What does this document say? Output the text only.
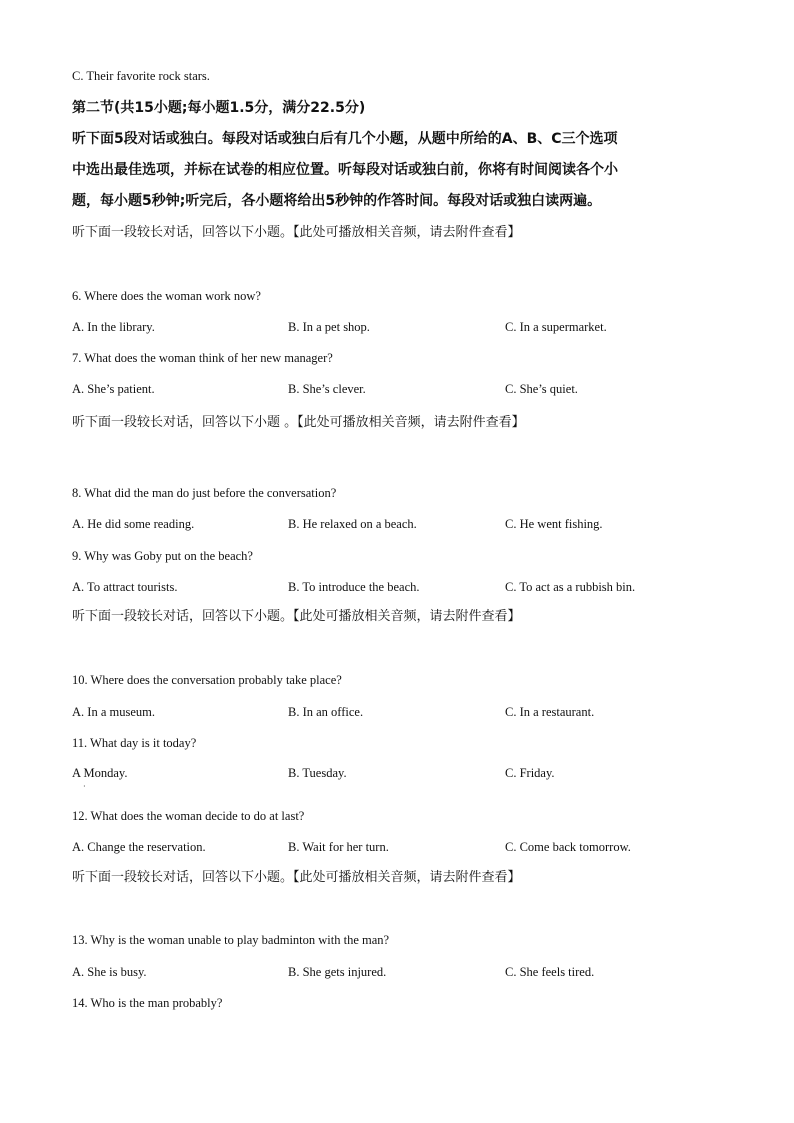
C. Their favorite rock stars.
第二节(共15小题;每小题1.5分，满分22.5分)
听下面5段对话或独白。每段对话或独白后有几个小题，从题中所给的A、B、C三个选项
中选出最佳选项，并标在试卷的相应位置。听每段对话或独白前，你将有时间阅读各个小
题，每小题5秒钟;听完后，各小题将给出5秒钟的作答时间。每段对话或独白读两遍。
听下面一段较长对话，回答以下小题。【此处可播放相关音频，请去附件查看】
6. Where does the woman work now?
A. In the library.	B. In a pet shop.	C. In a supermarket.
7. What does the woman think of her new manager?
A. She’s patient.	B. She’s clever.	C. She’s quiet.
听下面一段较长对话，回答以下小题 。【此处可播放相关音频，请去附件查看】
8. What did the man do just before the conversation?
A. He did some reading.	B. He relaxed on a beach.	C. He went fishing.
9. Why was Goby put on the beach?
A. To attract tourists.	B. To introduce the beach.	C. To act as a rubbish bin.
听下面一段较长对话，回答以下小题。【此处可播放相关音频，请去附件查看】
10. Where does the conversation probably take place?
A. In a museum.	B. In an office.	C. In a restaurant.
11. What day is it today?
A Monday.	B. Tuesday.	C. Friday.
·
12. What does the woman decide to do at last?
A. Change the reservation.	B. Wait for her turn.	C. Come back tomorrow.
听下面一段较长对话，回答以下小题。【此处可播放相关音频，请去附件查看】
13. Why is the woman unable to play badminton with the man?
A. She is busy.	B. She gets injured.	C. She feels tired.
14. Who is the man probably?
